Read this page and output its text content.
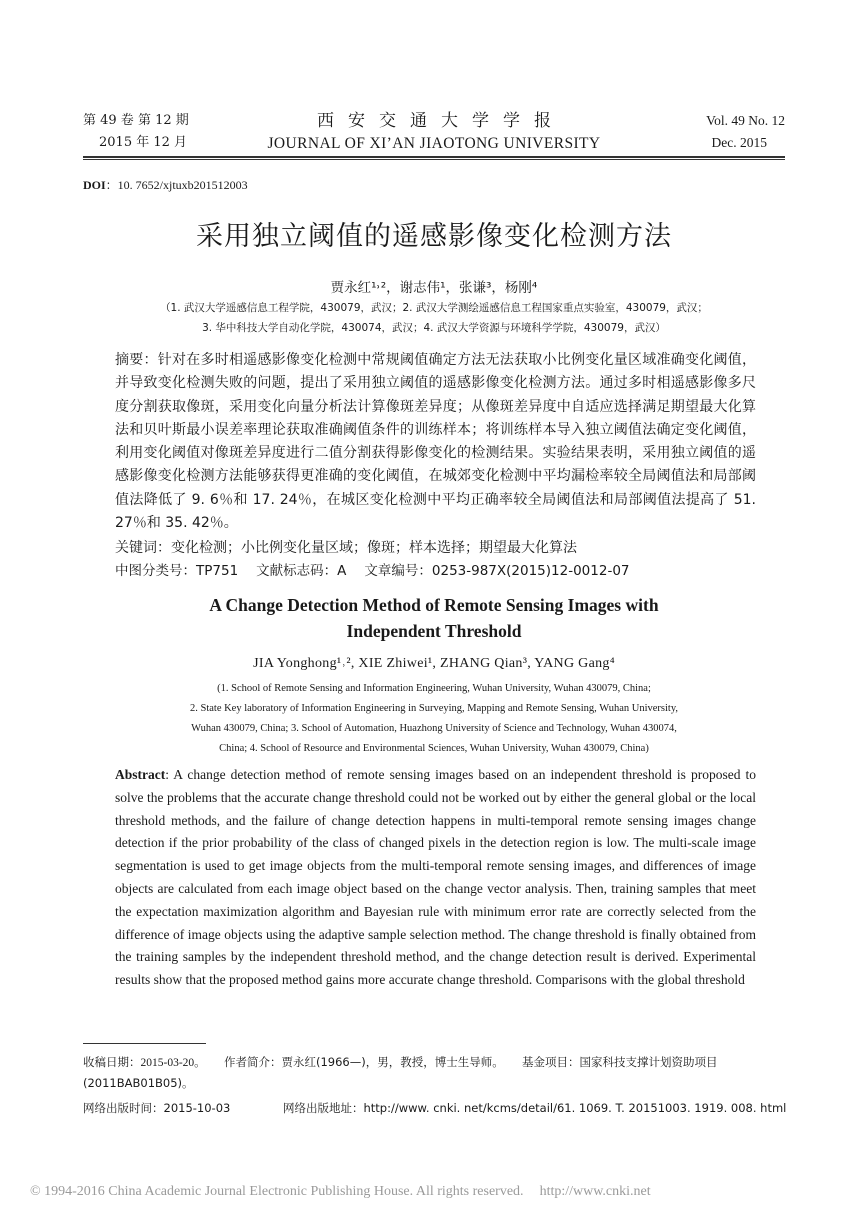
第 49 卷 第 12 期
2015 年 12 月
西安交通大学学报
JOURNAL OF XI’AN JIAOTONG UNIVERSITY
Vol. 49 No. 12
Dec. 2015
DOI：10. 7652/xjtuxb201512003
采用独立阈值的遥感影像变化检测方法
贾永红¹˒²，谢志伟¹，张谦³，杨刚⁴
（1. 武汉大学遥感信息工程学院，430079，武汉；2. 武汉大学测绘遥感信息工程国家重点实验室，430079，武汉；
3. 华中科技大学自动化学院，430074，武汉；4. 武汉大学资源与环境科学学院，430079，武汉）
摘要：针对在多时相遥感影像变化检测中常规阈值确定方法无法获取小比例变化量区域准确变化阈值，并导致变化检测失败的问题，提出了采用独立阈值的遥感影像变化检测方法。通过多时相遥感影像多尺度分割获取像斑，采用变化向量分析法计算像斑差异度；从像斑差异度中自适应选择满足期望最大化算法和贝叶斯最小误差率理论获取准确阈值条件的训练样本；将训练样本导入独立阈值法确定变化阈值，利用变化阈值对像斑差异度进行二值分割获得影像变化的检测结果。实验结果表明，采用独立阈值的遥感影像变化检测方法能够获得更准确的变化阈值，在城郊变化检测中平均漏检率较全局阈值法和局部阈值法降低了 9. 6％和 17. 24％，在城区变化检测中平均正确率较全局阈值法和局部阈值法提高了 51. 27％和 35. 42％。
关键词：变化检测；小比例变化量区域；像斑；样本选择；期望最大化算法
中图分类号：TP751 文献标志码：A 文章编号：0253-987X(2015)12-0012-07
A Change Detection Method of Remote Sensing Images with
Independent Threshold
JIA Yonghong¹˒², XIE Zhiwei¹, ZHANG Qian³, YANG Gang⁴
(1. School of Remote Sensing and Information Engineering, Wuhan University, Wuhan 430079, China;
2. State Key laboratory of Information Engineering in Surveying, Mapping and Remote Sensing, Wuhan University,
Wuhan 430079, China; 3. School of Automation, Huazhong University of Science and Technology, Wuhan 430074,
China; 4. School of Resource and Environmental Sciences, Wuhan University, Wuhan 430079, China)
Abstract: A change detection method of remote sensing images based on an independent threshold is proposed to solve the problems that the accurate change threshold could not be worked out by either the general global or the local threshold methods, and the failure of change detection happens in multi-temporal remote sensing images change detection if the prior probability of the class of changed pixels in the detection region is low. The multi-scale image segmentation is used to get image objects from the multi-temporal remote sensing images, and differences of image objects are calculated from each image object based on the change vector analysis. Then, training samples that meet the expectation maximization algorithm and Bayesian rule with minimum error rate are correctly selected from the difference of image objects using the adaptive sample selection method. The change threshold is finally obtained from the training samples by the independent threshold method, and the change detection result is derived. Experimental results show that the proposed method gains more accurate change threshold. Comparisons with the global threshold
收稿日期：2015-03-20。 作者简介：贾永红(1966—)，男，教授，博士生导师。 基金项目：国家科技支撑计划资助项目(2011BAB01B05)。
网络出版时间：2015-10-03	网络出版地址：http://www. cnki. net/kcms/detail/61. 1069. T. 20151003. 1919. 008. html
© 1994-2016 China Academic Journal Electronic Publishing House. All rights reserved. http://www.cnki.net
